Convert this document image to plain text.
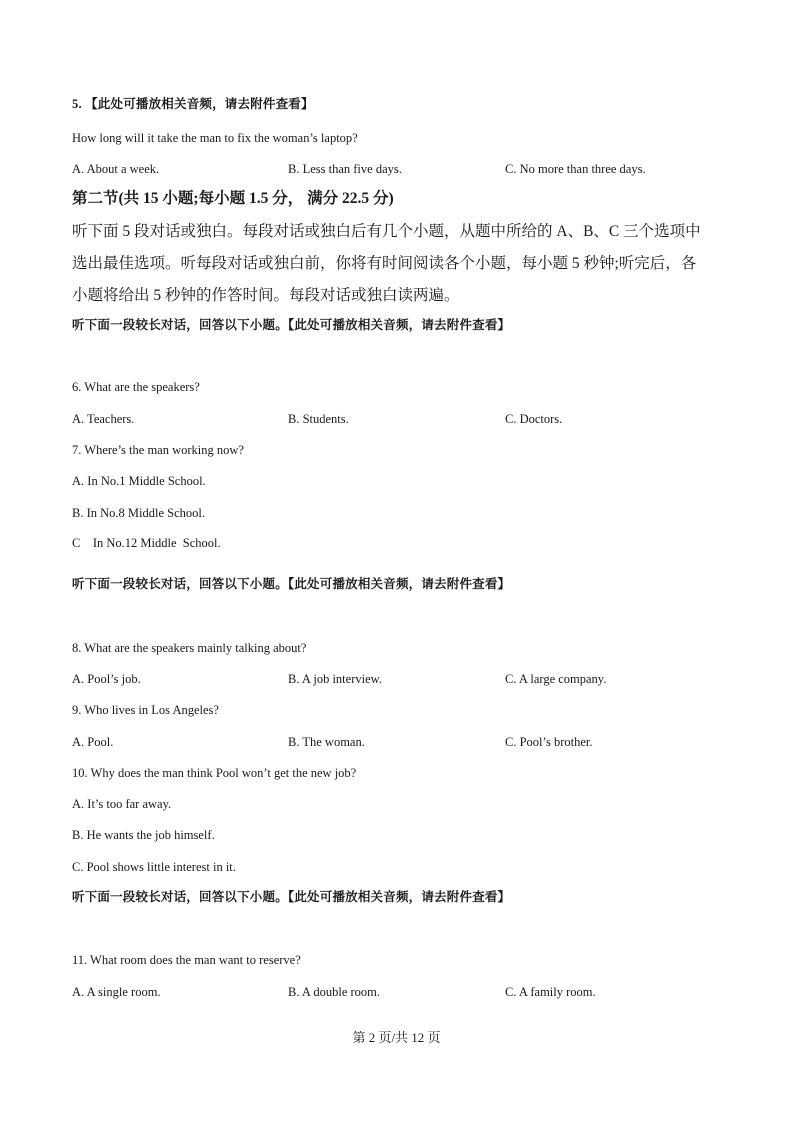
5. 【此处可播放相关音频，请去附件查看】
How long will it take the man to fix the woman’s laptop?
A. About a week.	B. Less than five days.	C. No more than three days.
第二节(共 15 小题;每小题 1.5 分， 满分 22.5 分)
听下面 5 段对话或独白。每段对话或独白后有几个小题，从题中所给的 A、B、C 三个选项中
选出最佳选项。听每段对话或独白前，你将有时间阅读各个小题，每小题 5 秒钟;听完后，各
小题将给出 5 秒钟的作答时间。每段对话或独白读两遍。
听下面一段较长对话，回答以下小题。【此处可播放相关音频，请去附件查看】
6. What are the speakers?
A. Teachers.	B. Students.	C. Doctors.
7. Where’s the man working now?
A. In No.1 Middle School.
B. In No.8 Middle School.
C    In No.12 Middle  School.
听下面一段较长对话，回答以下小题。【此处可播放相关音频，请去附件查看】
8. What are the speakers mainly talking about?
A. Pool’s job.	B. A job interview.	C. A large company.
9. Who lives in Los Angeles?
A. Pool.	B. The woman.	C. Pool’s brother.
10. Why does the man think Pool won’t get the new job?
A. It’s too far away.
B. He wants the job himself.
C. Pool shows little interest in it.
听下面一段较长对话，回答以下小题。【此处可播放相关音频，请去附件查看】
11. What room does the man want to reserve?
A. A single room.	B. A double room.	C. A family room.
第 2 页/共 12 页
